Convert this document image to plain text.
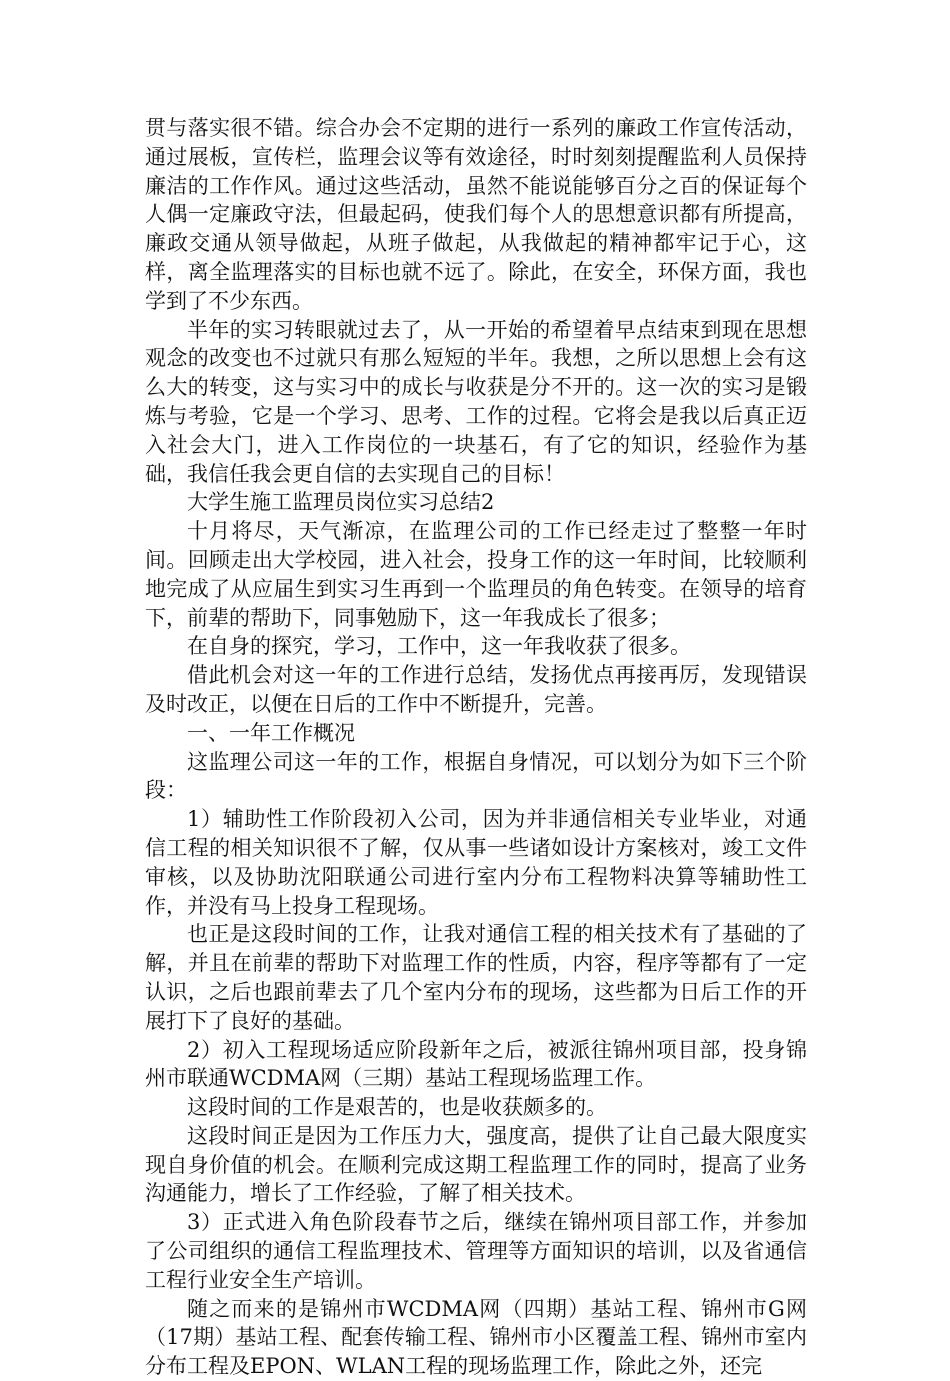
贯与落实很不错。综合办会不定期的进行一系列的廉政工作宣传活动，通过展板，宣传栏，监理会议等有效途径，时时刻刻提醒监利人员保持廉洁的工作作风。通过这些活动，虽然不能说能够百分之百的保证每个人偶一定廉政守法，但最起码，使我们每个人的思想意识都有所提高，廉政交通从领导做起，从班子做起，从我做起的精神都牢记于心，这样，离全监理落实的目标也就不远了。除此，在安全，环保方面，我也学到了不少东西。

半年的实习转眼就过去了，从一开始的希望着早点结束到现在思想观念的改变也不过就只有那么短短的半年。我想，之所以思想上会有这么大的转变，这与实习中的成长与收获是分不开的。这一次的实习是锻炼与考验，它是一个学习、思考、工作的过程。它将会是我以后真正迈入社会大门，进入工作岗位的一块基石，有了它的知识，经验作为基础，我信任我会更自信的去实现自己的目标！

大学生施工监理员岗位实习总结2

十月将尽，天气渐凉，在监理公司的工作已经走过了整整一年时间。回顾走出大学校园，进入社会，投身工作的这一年时间，比较顺利地完成了从应届生到实习生再到一个监理员的角色转变。在领导的培育下，前辈的帮助下，同事勉励下，这一年我成长了很多；

在自身的探究，学习，工作中，这一年我收获了很多。

借此机会对这一年的工作进行总结，发扬优点再接再厉，发现错误及时改正，以便在日后的工作中不断提升，完善。

一、一年工作概况

这监理公司这一年的工作，根据自身情况，可以划分为如下三个阶段：

1）辅助性工作阶段初入公司，因为并非通信相关专业毕业，对通信工程的相关知识很不了解，仅从事一些诸如设计方案核对，竣工文件审核，以及协助沈阳联通公司进行室内分布工程物料决算等辅助性工作，并没有马上投身工程现场。

也正是这段时间的工作，让我对通信工程的相关技术有了基础的了解，并且在前辈的帮助下对监理工作的性质，内容，程序等都有了一定认识，之后也跟前辈去了几个室内分布的现场，这些都为日后工作的开展打下了良好的基础。

2）初入工程现场适应阶段新年之后，被派往锦州项目部，投身锦州市联通WCDMA网（三期）基站工程现场监理工作。

这段时间的工作是艰苦的，也是收获颇多的。

这段时间正是因为工作压力大，强度高，提供了让自己最大限度实现自身价值的机会。在顺利完成这期工程监理工作的同时，提高了业务沟通能力，增长了工作经验，了解了相关技术。

3）正式进入角色阶段春节之后，继续在锦州项目部工作，并参加了公司组织的通信工程监理技术、管理等方面知识的培训，以及省通信工程行业安全生产培训。

随之而来的是锦州市WCDMA网（四期）基站工程、锦州市G网（17期）基站工程、配套传输工程、锦州市小区覆盖工程、锦州市室内分布工程及EPON、WLAN工程的现场监理工作，除此之外，还完
